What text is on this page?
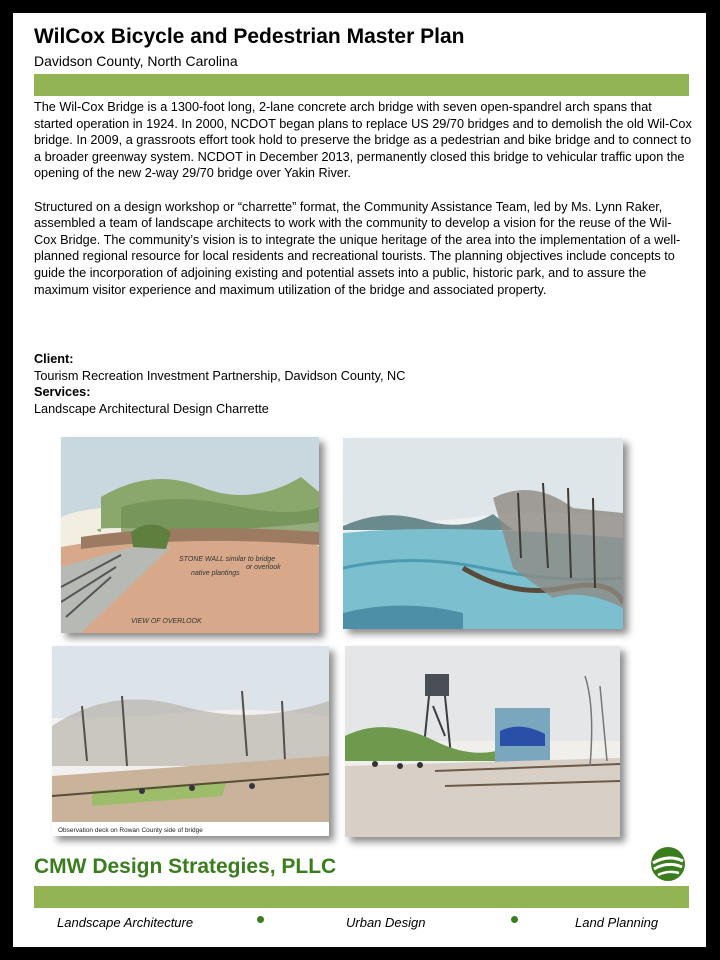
WilCox Bicycle and Pedestrian Master Plan
Davidson County, North Carolina

The Wil-Cox Bridge is a 1300-foot long, 2-lane concrete arch bridge with seven open-spandrel arch spans that started operation in 1924. In 2000, NCDOT began plans to replace US 29/70 bridges and to demolish the old Wil-Cox bridge. In 2009, a grassroots effort took hold to preserve the bridge as a pedestrian and bike bridge and to connect to a broader greenway system. NCDOT in December 2013, permanently closed this bridge to vehicular traffic upon the opening of the new 2-way 29/70 bridge over Yakin River.

Structured on a design workshop or “charrette” format, the Community Assistance Team, led by Ms. Lynn Raker, assembled a team of landscape architects to work with the community to develop a vision for the reuse of the Wil-Cox Bridge. The community’s vision is to integrate the unique heritage of the area into the implementation of a well-planned regional resource for local residents and recreational tourists. The planning objectives include concepts to guide the incorporation of adjoining existing and potential assets into a public, historic park, and to assure the maximum visitor experience and maximum utilization of the bridge and associated property.

Client:
Tourism Recreation Investment Partnership, Davidson County, NC
Services:
Landscape Architectural Design Charrette
STONE WALL similar to bridge
or overlook
native plantings
VIEW OF OVERLOOK
Observation deck on Rowan County side of bridge
CMW Design Strategies, PLLC
Landscape Architecture	Urban Design	Land Planning
